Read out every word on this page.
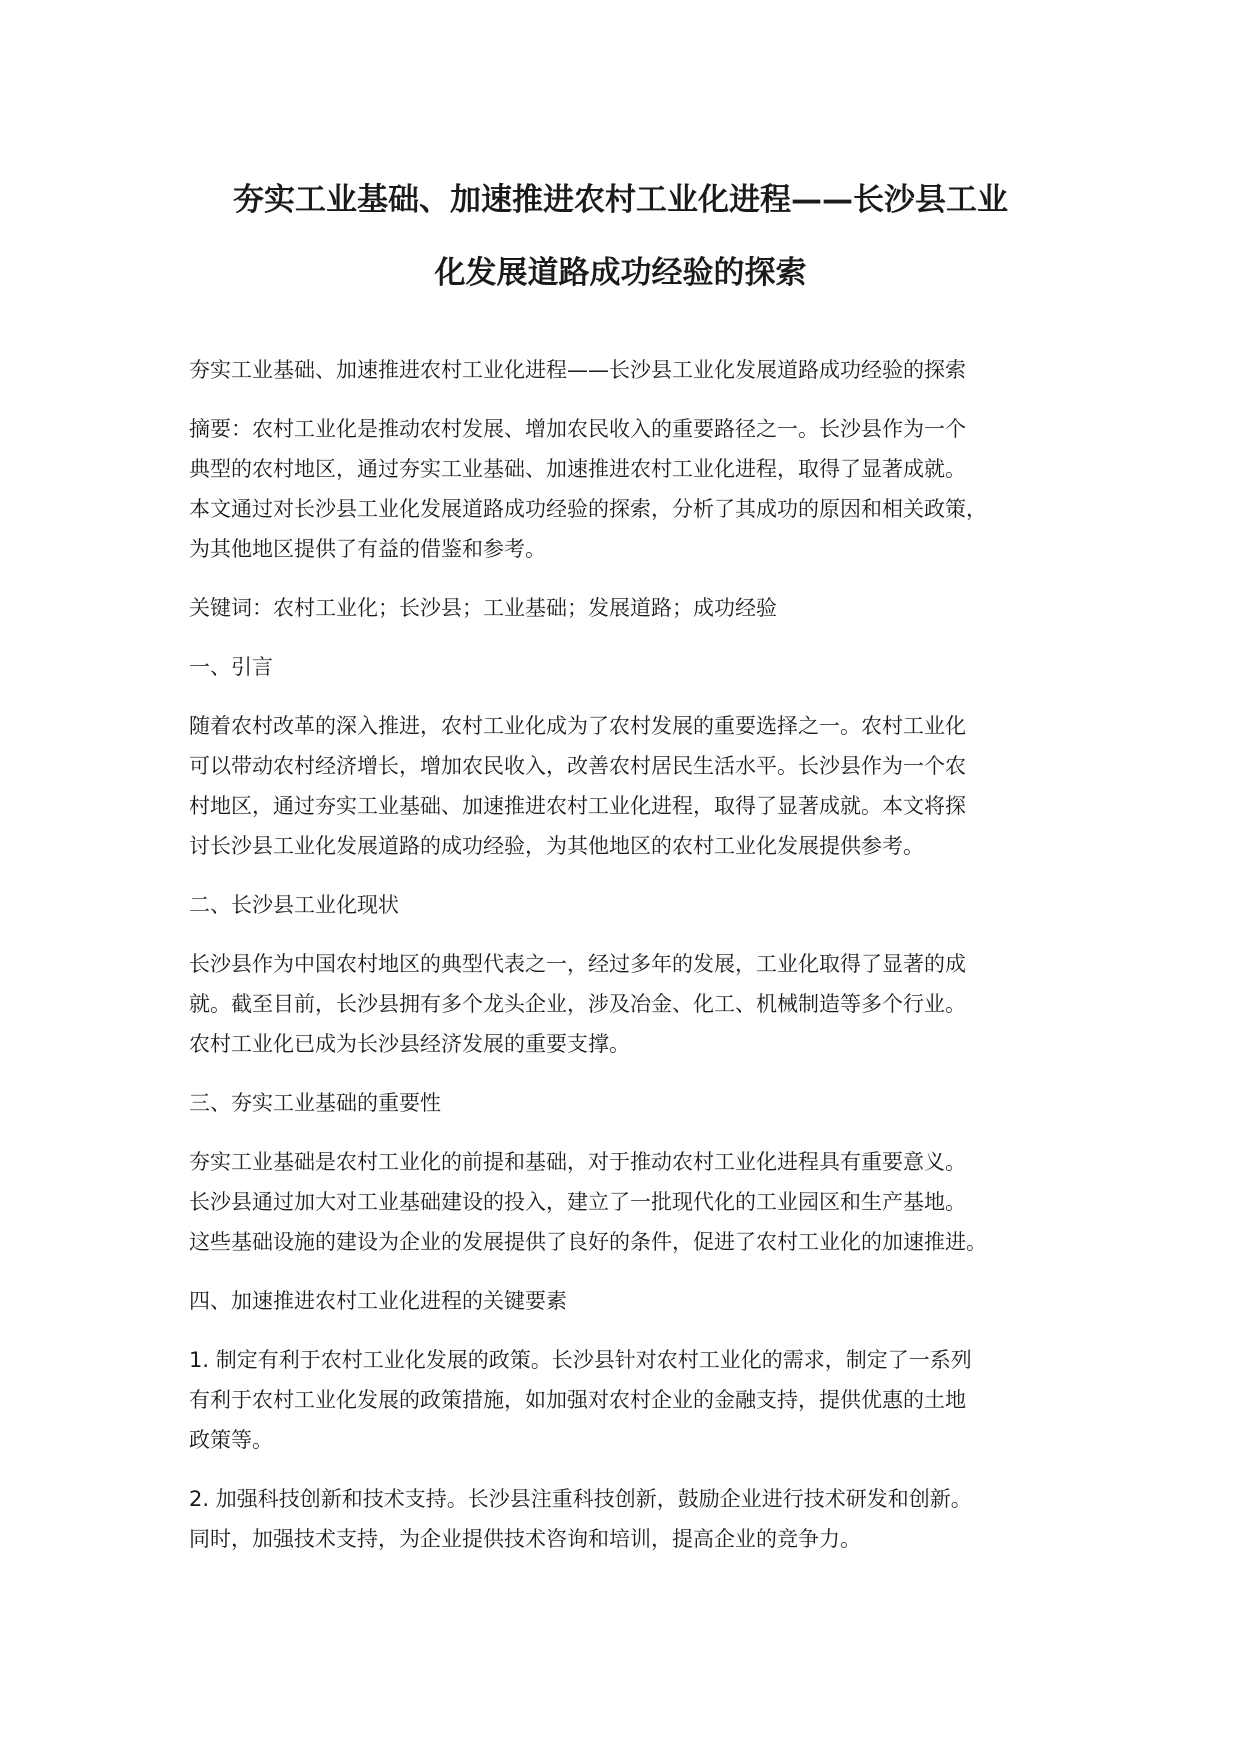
夯实工业基础、加速推进农村工业化进程——长沙县工业
化发展道路成功经验的探索

夯实工业基础、加速推进农村工业化进程——长沙县工业化发展道路成功经验的探索

摘要：农村工业化是推动农村发展、增加农民收入的重要路径之一。长沙县作为一个
典型的农村地区，通过夯实工业基础、加速推进农村工业化进程，取得了显著成就。
本文通过对长沙县工业化发展道路成功经验的探索，分析了其成功的原因和相关政策，
为其他地区提供了有益的借鉴和参考。

关键词：农村工业化；长沙县；工业基础；发展道路；成功经验

一、引言

随着农村改革的深入推进，农村工业化成为了农村发展的重要选择之一。农村工业化
可以带动农村经济增长，增加农民收入，改善农村居民生活水平。长沙县作为一个农
村地区，通过夯实工业基础、加速推进农村工业化进程，取得了显著成就。本文将探
讨长沙县工业化发展道路的成功经验，为其他地区的农村工业化发展提供参考。

二、长沙县工业化现状

长沙县作为中国农村地区的典型代表之一，经过多年的发展，工业化取得了显著的成
就。截至目前，长沙县拥有多个龙头企业，涉及冶金、化工、机械制造等多个行业。
农村工业化已成为长沙县经济发展的重要支撑。

三、夯实工业基础的重要性

夯实工业基础是农村工业化的前提和基础，对于推动农村工业化进程具有重要意义。
长沙县通过加大对工业基础建设的投入，建立了一批现代化的工业园区和生产基地。
这些基础设施的建设为企业的发展提供了良好的条件，促进了农村工业化的加速推进。

四、加速推进农村工业化进程的关键要素

1. 制定有利于农村工业化发展的政策。长沙县针对农村工业化的需求，制定了一系列
有利于农村工业化发展的政策措施，如加强对农村企业的金融支持，提供优惠的土地
政策等。

2. 加强科技创新和技术支持。长沙县注重科技创新，鼓励企业进行技术研发和创新。
同时，加强技术支持，为企业提供技术咨询和培训，提高企业的竞争力。
